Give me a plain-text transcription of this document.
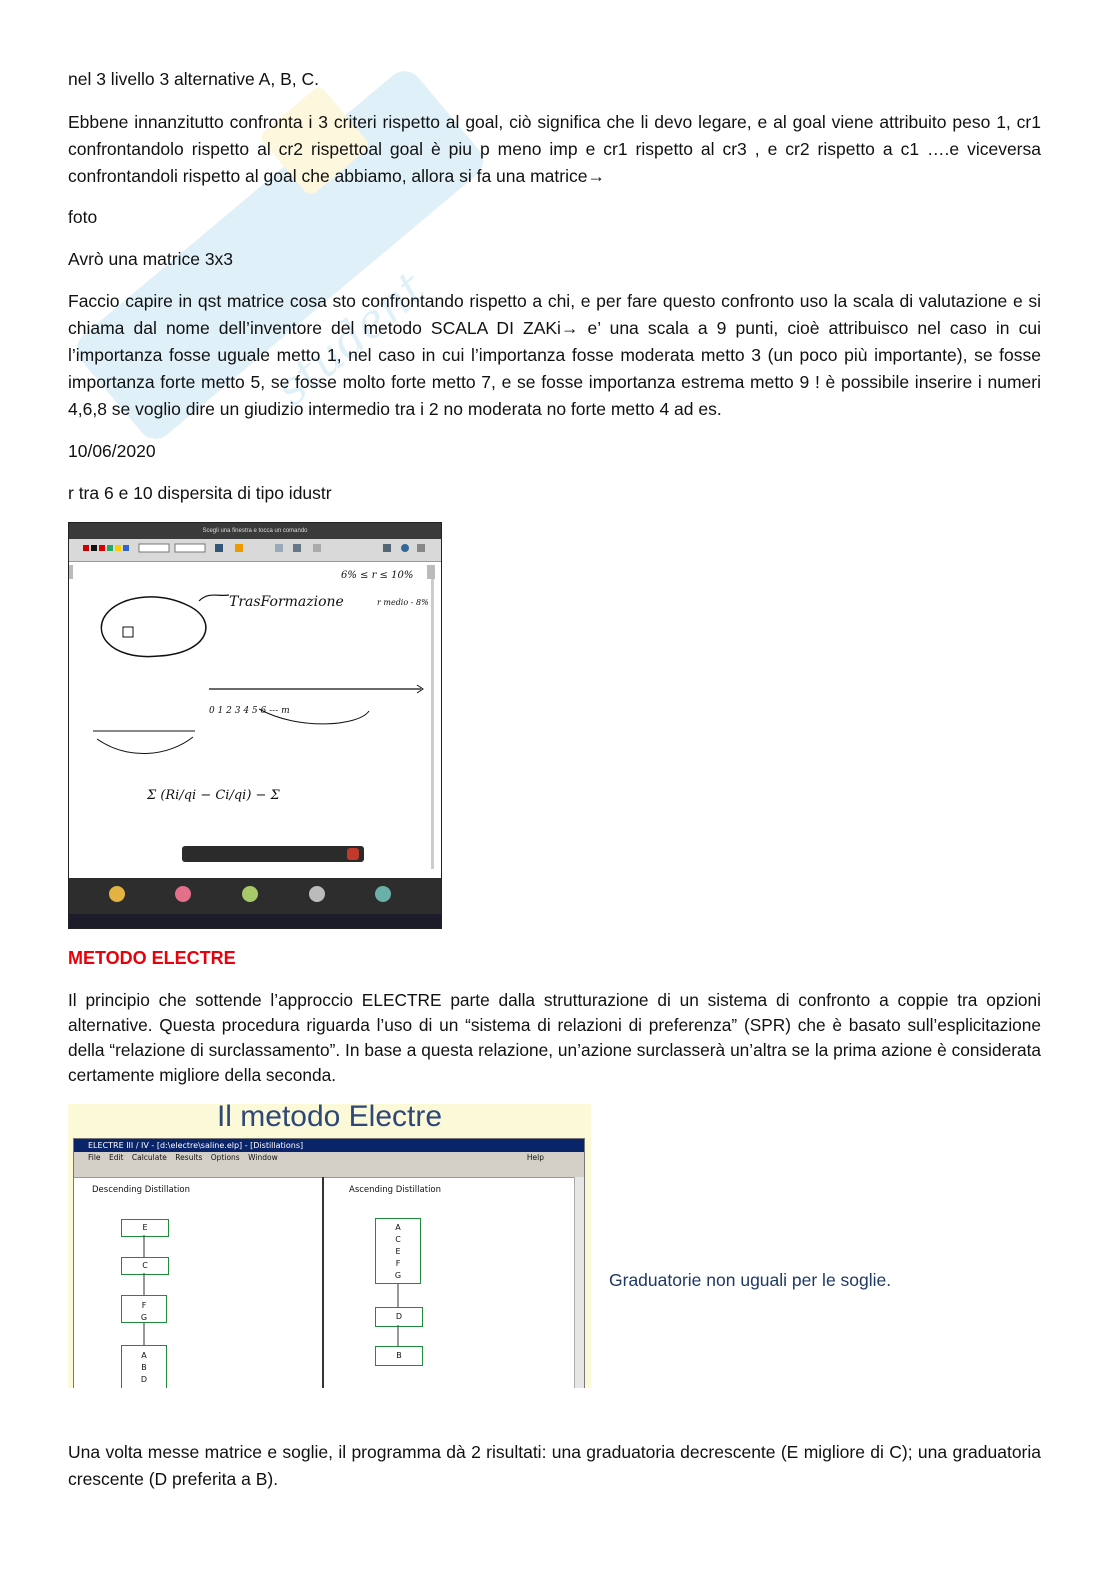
student

nel 3 livello 3 alternative A, B, C.

Ebbene innanzitutto confronta i 3 criteri rispetto al goal, ciò significa che li devo legare, e al goal viene attribuito peso 1, cr1 confrontandolo rispetto al cr2 rispettoal goal è piu p meno imp e cr1 rispetto al cr3 , e cr2 rispetto a c1 ….e viceversa confrontandoli rispetto al goal che abbiamo, allora si fa una matrice→

foto

Avrò una matrice 3x3

Faccio capire in qst matrice cosa sto confrontando rispetto a chi, e per fare questo confronto uso la scala di valutazione e si chiama dal nome dell’inventore del metodo SCALA DI ZAKi→ e’ una scala a 9 punti, cioè attribuisco nel caso in cui l’importanza fosse uguale metto 1, nel caso in cui l’importanza fosse moderata metto 3 (un poco più importante), se fosse importanza forte metto 5, se fosse molto forte metto 7, e se fosse importanza estrema metto 9 ! è possibile inserire i numeri 4,6,8 se voglio dire un giudizio intermedio tra i 2 no moderata no forte metto 4 ad es.

10/06/2020

r tra 6 e 10 dispersita di tipo idustr

Scegli una finestra e tocca un comando
TrasFormazione
6% ≤ r ≤ 10%
r medio - 8%
0 1 2 3 4 5 6 --- m
Σ (Ri/qi − Ci/qi) − Σ

METODO ELECTRE

Il principio che sottende l’approccio ELECTRE parte dalla strutturazione di un sistema di confronto a coppie tra opzioni alternative. Questa procedura riguarda l’uso di un “sistema di relazioni di preferenza” (SPR) che è basato sull’esplicitazione della “relazione di surclassamento”. In base a questa relazione, un’azione surclasserà un’altra se la prima azione è considerata certamente migliore della seconda.

Il metodo Electre
ELECTRE III / IV - [d:\electre\saline.elp] - [Distillations]
File Edit Calculate Results Options Window	Help
Descending Distillation	Ascending Distillation
E
C
F G
A B D
A C E F G
D
B
Graduatorie non uguali per le soglie.

Una volta messe matrice e soglie, il programma dà 2 risultati: una graduatoria decrescente (E migliore di C); una graduatoria crescente (D preferita a B).
